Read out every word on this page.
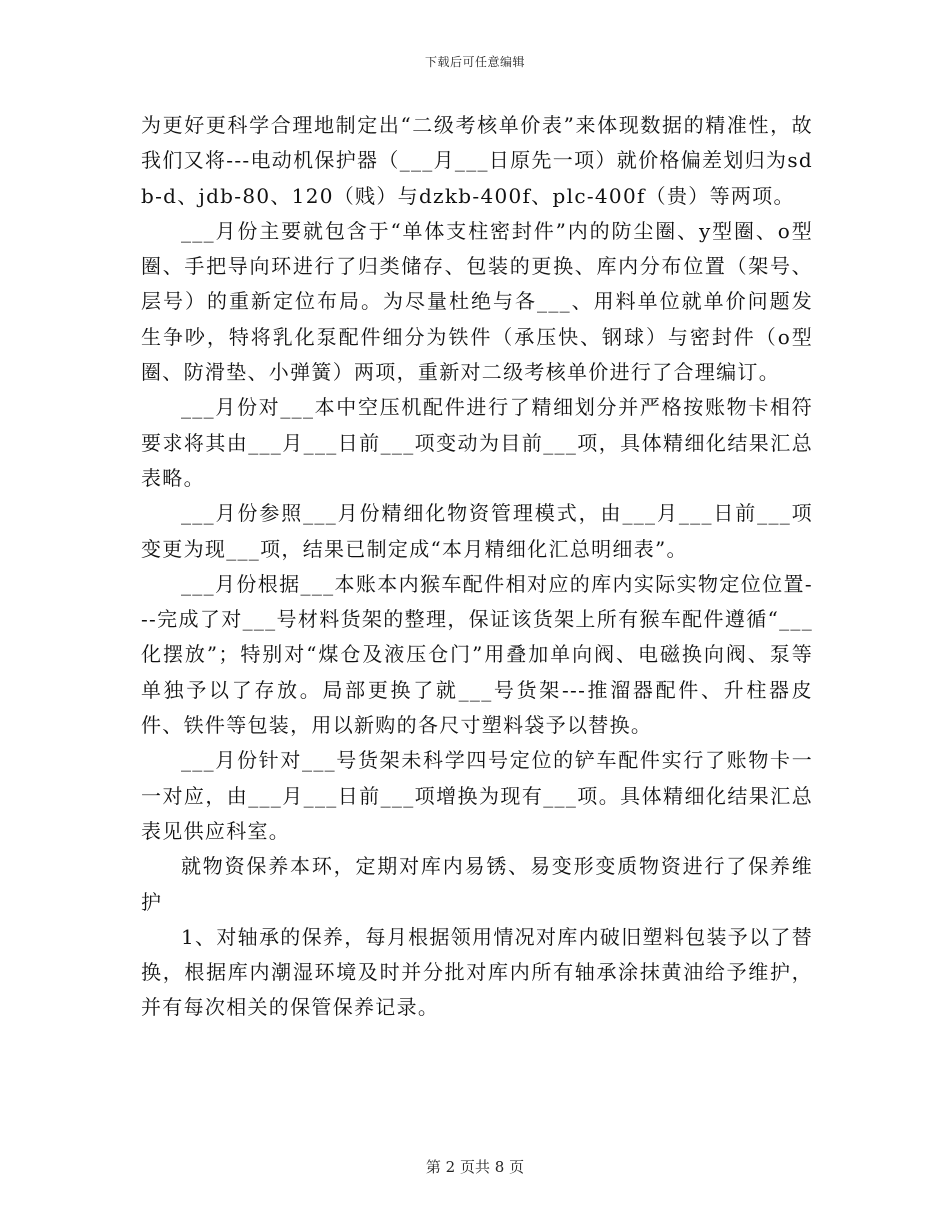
下载后可任意编辑

为更好更科学合理地制定出“二级考核单价表”来体现数据的精准性，故我们又将---电动机保护器（___月___日原先一项）就价格偏差划归为sdb-d、jdb-80、120（贱）与dzkb-400f、plc-400f（贵）等两项。

___月份主要就包含于“单体支柱密封件”内的防尘圈、y型圈、o型圈、手把导向环进行了归类储存、包装的更换、库内分布位置（架号、层号）的重新定位布局。为尽量杜绝与各___、用料单位就单价问题发生争吵，特将乳化泵配件细分为铁件（承压快、钢球）与密封件（o型圈、防滑垫、小弹簧）两项，重新对二级考核单价进行了合理编订。

___月份对___本中空压机配件进行了精细划分并严格按账物卡相符要求将其由___月___日前___项变动为目前___项，具体精细化结果汇总表略。

___月份参照___月份精细化物资管理模式，由___月___日前___项变更为现___项，结果已制定成“本月精细化汇总明细表”。

___月份根据___本账本内猴车配件相对应的库内实际实物定位位置---完成了对___号材料货架的整理，保证该货架上所有猴车配件遵循“___化摆放”；特别对“煤仓及液压仓门”用叠加单向阀、电磁换向阀、泵等单独予以了存放。局部更换了就___号货架---推溜器配件、升柱器皮件、铁件等包装，用以新购的各尺寸塑料袋予以替换。

___月份针对___号货架未科学四号定位的铲车配件实行了账物卡一一对应，由___月___日前___项增换为现有___项。具体精细化结果汇总表见供应科室。

就物资保养本环，定期对库内易锈、易变形变质物资进行了保养维护

1、对轴承的保养，每月根据领用情况对库内破旧塑料包装予以了替换，根据库内潮湿环境及时并分批对库内所有轴承涂抹黄油给予维护，并有每次相关的保管保养记录。

第 2 页共 8 页
